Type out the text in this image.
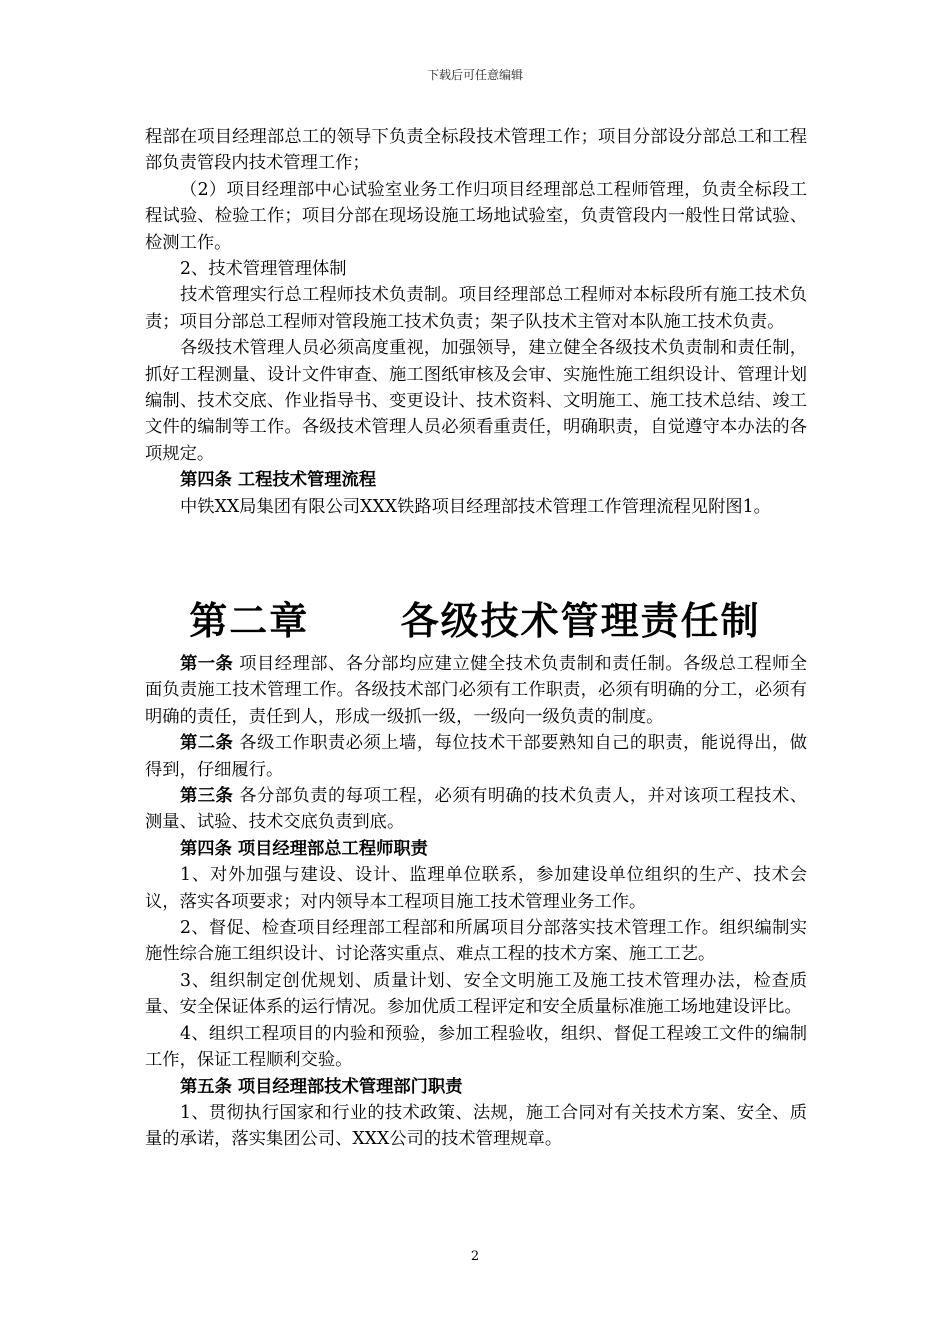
下载后可任意编辑

程部在项目经理部总工的领导下负责全标段技术管理工作；项目分部设分部总工和工程部负责管段内技术管理工作；

（2）项目经理部中心试验室业务工作归项目经理部总工程师管理，负责全标段工程试验、检验工作；项目分部在现场设施工场地试验室，负责管段内一般性日常试验、检测工作。

2、技术管理管理体制

技术管理实行总工程师技术负责制。项目经理部总工程师对本标段所有施工技术负责；项目分部总工程师对管段施工技术负责；架子队技术主管对本队施工技术负责。

各级技术管理人员必须高度重视，加强领导，建立健全各级技术负责制和责任制，抓好工程测量、设计文件审查、施工图纸审核及会审、实施性施工组织设计、管理计划编制、技术交底、作业指导书、变更设计、技术资料、文明施工、施工技术总结、竣工文件的编制等工作。各级技术管理人员必须看重责任，明确职责，自觉遵守本办法的各项规定。

第四条 工程技术管理流程

中铁XX局集团有限公司XXX铁路项目经理部技术管理工作管理流程见附图1。

第二章      各级技术管理责任制

第一条 项目经理部、各分部均应建立健全技术负责制和责任制。各级总工程师全面负责施工技术管理工作。各级技术部门必须有工作职责，必须有明确的分工，必须有明确的责任，责任到人，形成一级抓一级，一级向一级负责的制度。

第二条 各级工作职责必须上墙，每位技术干部要熟知自己的职责，能说得出，做得到，仔细履行。

第三条 各分部负责的每项工程，必须有明确的技术负责人，并对该项工程技术、测量、试验、技术交底负责到底。

第四条 项目经理部总工程师职责

1、对外加强与建设、设计、监理单位联系，参加建设单位组织的生产、技术会议，落实各项要求；对内领导本工程项目施工技术管理业务工作。

2、督促、检查项目经理部工程部和所属项目分部落实技术管理工作。组织编制实施性综合施工组织设计、讨论落实重点、难点工程的技术方案、施工工艺。

3、组织制定创优规划、质量计划、安全文明施工及施工技术管理办法，检查质量、安全保证体系的运行情况。参加优质工程评定和安全质量标准施工场地建设评比。

4、组织工程项目的内验和预验，参加工程验收，组织、督促工程竣工文件的编制工作，保证工程顺利交验。

第五条 项目经理部技术管理部门职责

1、贯彻执行国家和行业的技术政策、法规，施工合同对有关技术方案、安全、质量的承诺，落实集团公司、XXX公司的技术管理规章。

2
